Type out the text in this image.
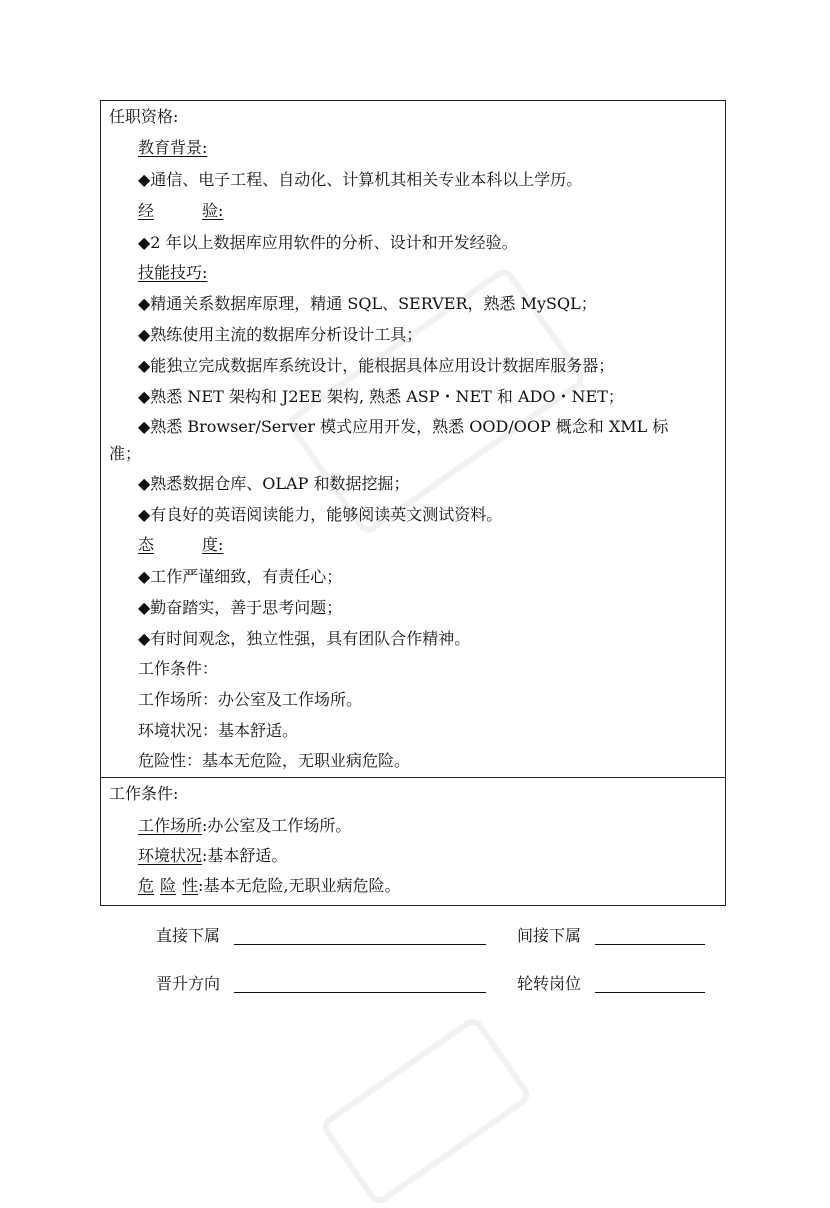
任职资格:
教育背景:
◆通信、电子工程、自动化、计算机其相关专业本科以上学历。
经	验:
◆2 年以上数据库应用软件的分析、设计和开发经验。
技能技巧:
◆精通关系数据库原理，精通 SQL、SERVER，熟悉 MySQL；
◆熟练使用主流的数据库分析设计工具；
◆能独立完成数据库系统设计，能根据具体应用设计数据库服务器；
◆熟悉 NET 架构和 J2EE 架构, 熟悉 ASP・NET 和 ADO・NET；
◆熟悉 Browser/Server 模式应用开发，熟悉 OOD/OOP 概念和 XML 标
准；
◆熟悉数据仓库、OLAP 和数据挖掘；
◆有良好的英语阅读能力，能够阅读英文测试资料。
态	度:
◆工作严谨细致，有责任心；
◆勤奋踏实，善于思考问题；
◆有时间观念，独立性强，具有团队合作精神。
工作条件：
工作场所：办公室及工作场所。
环境状况：基本舒适。
危险性：基本无危险，无职业病危险。
工作条件:
工作场所:办公室及工作场所。
环境状况:基本舒适。
危 险 性:基本无危险,无职业病危险。
直接下属	间接下属
晋升方向	轮转岗位
